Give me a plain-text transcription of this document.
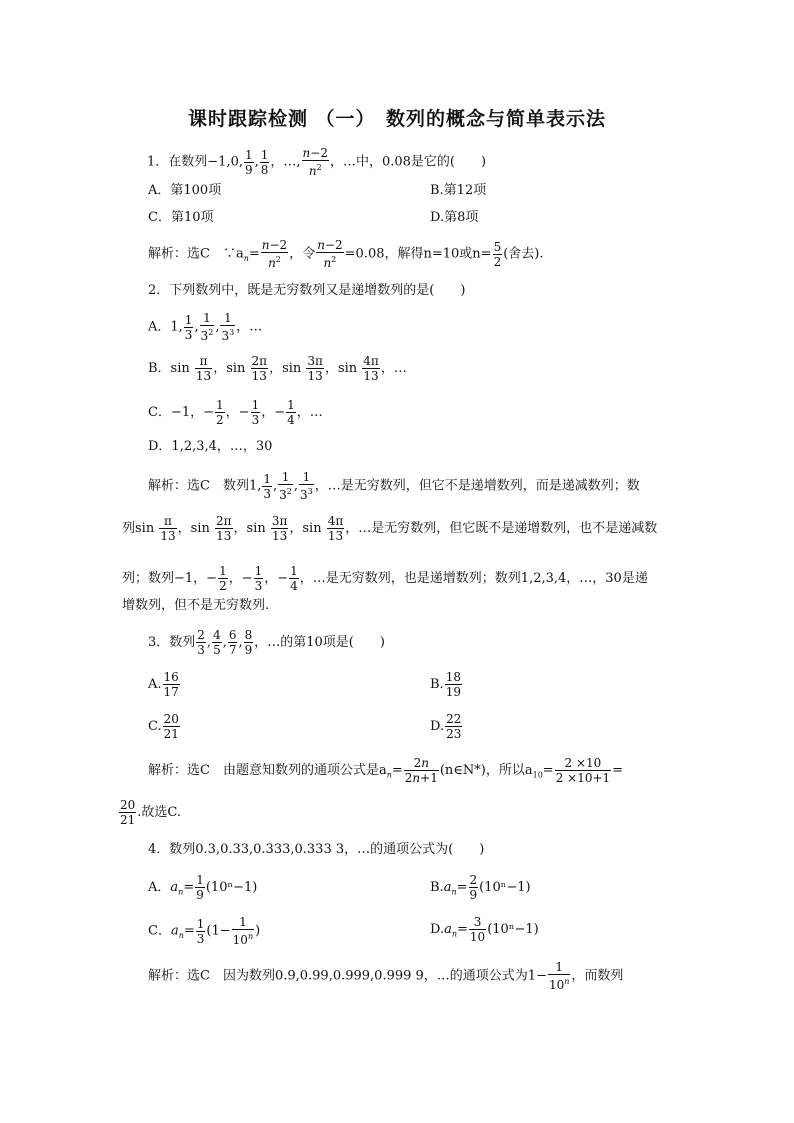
课时跟踪检测 （一）　数列的概念与简单表示法
1．在数列−1,0, $\frac{1}{9}$ , $\frac{1}{8}$ ，…, $\frac{n-2}{n^2}$ ，…中，0.08是它的(　　)
A．第100项	B.第12项
C．第10项	D.第8项
解析：选C　$\because a_n= \frac{n-2}{n^2}$ ，令 $\frac{n-2}{n^2} =0.08$，解得n=10或$n= \frac{5}{2}$ (舍去).
2．下列数列中，既是无穷数列又是递增数列的是(　　)
A．1, $\frac{1}{3}$ , $\frac{1}{3^2}$ , $\frac{1}{3^3}$ ，…
B．$\sin \frac{\pi}{13}$ ，$\sin \frac{2\pi}{13}$ ，$\sin \frac{3\pi}{13}$ ，$\sin \frac{4\pi}{13}$ ，…
C．−1，− $\frac{1}{2}$ ，− $\frac{1}{3}$ ，− $\frac{1}{4}$ ，…
D．1,2,3,4，…，30
解析：选C　数列1, $\frac{1}{3}$ , $\frac{1}{3^2}$ , $\frac{1}{3^3}$ ，…是无穷数列，但它不是递增数列，而是递减数列；数
列$\sin \frac{\pi}{13}$ ，$\sin \frac{2\pi}{13}$ ，$\sin \frac{3\pi}{13}$ ，$\sin \frac{4\pi}{13}$ ，…是无穷数列，但它既不是递增数列，也不是递减数
列；数列−1，− $\frac{1}{2}$ ，− $\frac{1}{3}$ ，− $\frac{1}{4}$ ，…是无穷数列，也是递增数列；数列1,2,3,4，…，30是递
增数列，但不是无穷数列.
3．数列 $\frac{2}{3}$ , $\frac{4}{5}$ , $\frac{6}{7}$ , $\frac{8}{9}$ ，…的第10项是(　　)
A. $\frac{16}{17}$	B. $\frac{18}{19}$
C. $\frac{20}{21}$	D. $\frac{22}{23}$
解析：选C　由题意知数列的通项公式是$a_n= \frac{2n}{2n+1}$ (n∈N*)，所以$a_{10}= \frac{2 \times 10}{2 \times 10+1}$ =
$\frac{20}{21}$ .故选C.
4．数列0.3,0.33,0.333,0.333 3，…的通项公式为(　　)
A．$a_n= \frac{1}{9} (10^n-1)$	$B.a_n= \frac{2}{9} (10^n-1)$
C．$a_n= \frac{1}{3} (1- \frac{1}{10^n}$ )	$D.a_n= \frac{3}{10} (10^n-1)$
解析：选C　因为数列0.9,0.99,0.999,0.999 9，…的通项公式为$1- \frac{1}{10^n}$ ，而数列
